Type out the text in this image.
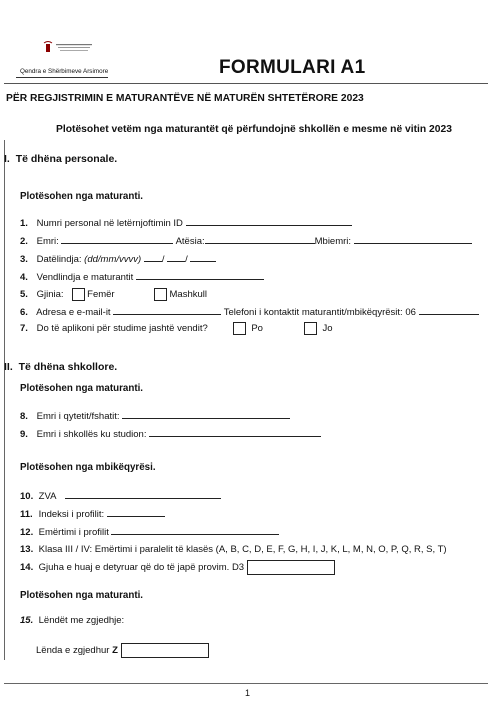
Qendra e Shërbimeve Arsimore	FORMULARI A1
PËR REGJISTRIMIN E MATURANTËVE NË MATURËN SHTETËRORE 2023
Plotësohet vetëm nga maturantët që përfundojnë shkollën e mesme në vitin 2023
I. Të dhëna personale.
Plotësohen nga maturanti.
1. Numri personal në letërnjoftimin ID
2. Emri:	Atësia:	Mbiemri:
3. Datëlindja: (dd/mm/vvvv) / /
4. Vendlindja e maturantit
5. Gjinia: Femër	Mashkull
6. Adresa e e-mail-it	Telefoni i kontaktit maturantit/mbikëqyrësit: 06
7. Do të aplikoni për studime jashtë vendit?	Po	Jo
II. Të dhëna shkollore.
Plotësohen nga maturanti.
8. Emri i qytetit/fshatit:
9. Emri i shkollës ku studion:
Plotësohen nga mbikëqyrësi.
10. ZVA
11. Indeksi i profilit:
12. Emërtimi i profilit
13. Klasa III / IV: Emërtimi i paralelit të klasës (A, B, C, D, E, F, G, H, I, J, K, L, M, N, O, P, Q, R, S, T)
14. Gjuha e huaj e detyruar që do të japë provim. D3
Plotësohen nga maturanti.
15. Lëndët me zgjedhje:
Lënda e zgjedhur Z
1
